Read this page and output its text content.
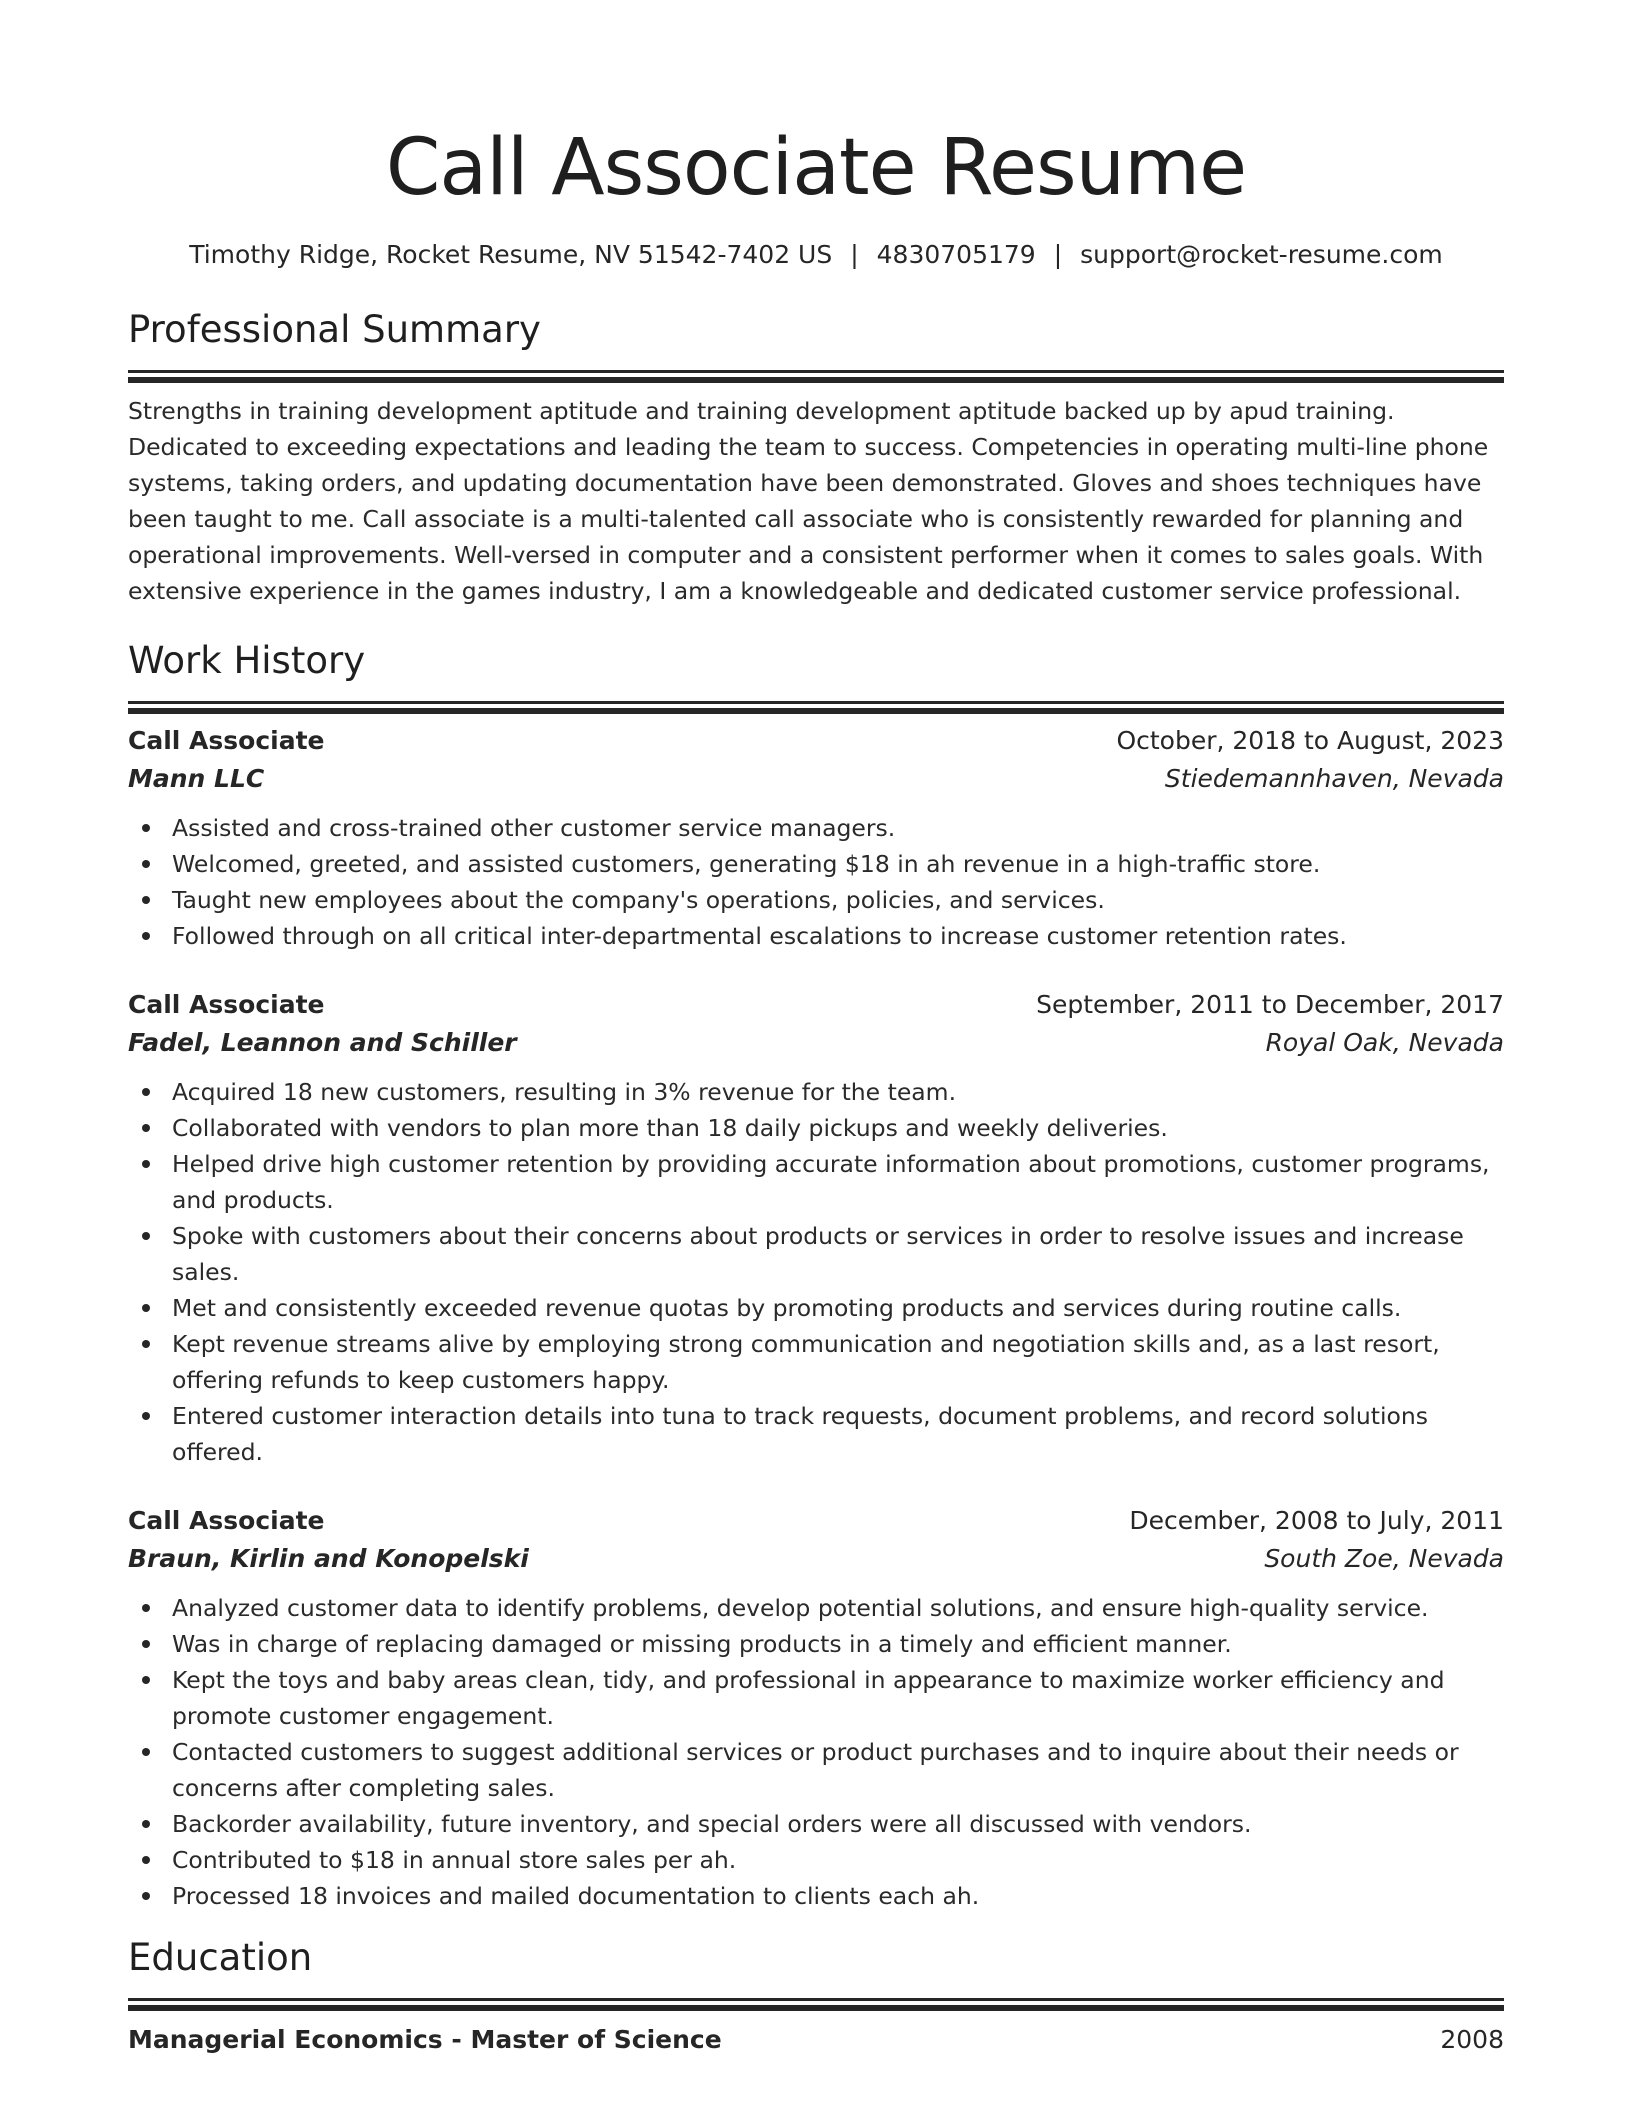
Call Associate Resume
Timothy Ridge, Rocket Resume, NV 51542-7402 US | 4830705179 | support@rocket-resume.com
Professional Summary

Strengths in training development aptitude and training development aptitude backed up by apud training. Dedicated to exceeding expectations and leading the team to success. Competencies in operating multi-line phone systems, taking orders, and updating documentation have been demonstrated. Gloves and shoes techniques have been taught to me. Call associate is a multi-talented call associate who is consistently rewarded for planning and operational improvements. Well-versed in computer and a consistent performer when it comes to sales goals. With extensive experience in the games industry, I am a knowledgeable and dedicated customer service professional.

Work History
Call Associate	October, 2018 to August, 2023
Mann LLC	Stiedemannhaven, Nevada
Assisted and cross-trained other customer service managers.
Welcomed, greeted, and assisted customers, generating $18 in ah revenue in a high-traffic store.
Taught new employees about the company's operations, policies, and services.
Followed through on all critical inter-departmental escalations to increase customer retention rates.
Call Associate	September, 2011 to December, 2017
Fadel, Leannon and Schiller	Royal Oak, Nevada
Acquired 18 new customers, resulting in 3% revenue for the team.
Collaborated with vendors to plan more than 18 daily pickups and weekly deliveries.
Helped drive high customer retention by providing accurate information about promotions, customer programs, and products.
Spoke with customers about their concerns about products or services in order to resolve issues and increase sales.
Met and consistently exceeded revenue quotas by promoting products and services during routine calls.
Kept revenue streams alive by employing strong communication and negotiation skills and, as a last resort, offering refunds to keep customers happy.
Entered customer interaction details into tuna to track requests, document problems, and record solutions offered.
Call Associate	December, 2008 to July, 2011
Braun, Kirlin and Konopelski	South Zoe, Nevada
Analyzed customer data to identify problems, develop potential solutions, and ensure high-quality service.
Was in charge of replacing damaged or missing products in a timely and efficient manner.
Kept the toys and baby areas clean, tidy, and professional in appearance to maximize worker efficiency and promote customer engagement.
Contacted customers to suggest additional services or product purchases and to inquire about their needs or concerns after completing sales.
Backorder availability, future inventory, and special orders were all discussed with vendors.
Contributed to $18 in annual store sales per ah.
Processed 18 invoices and mailed documentation to clients each ah.
Education
Managerial Economics - Master of Science	2008
